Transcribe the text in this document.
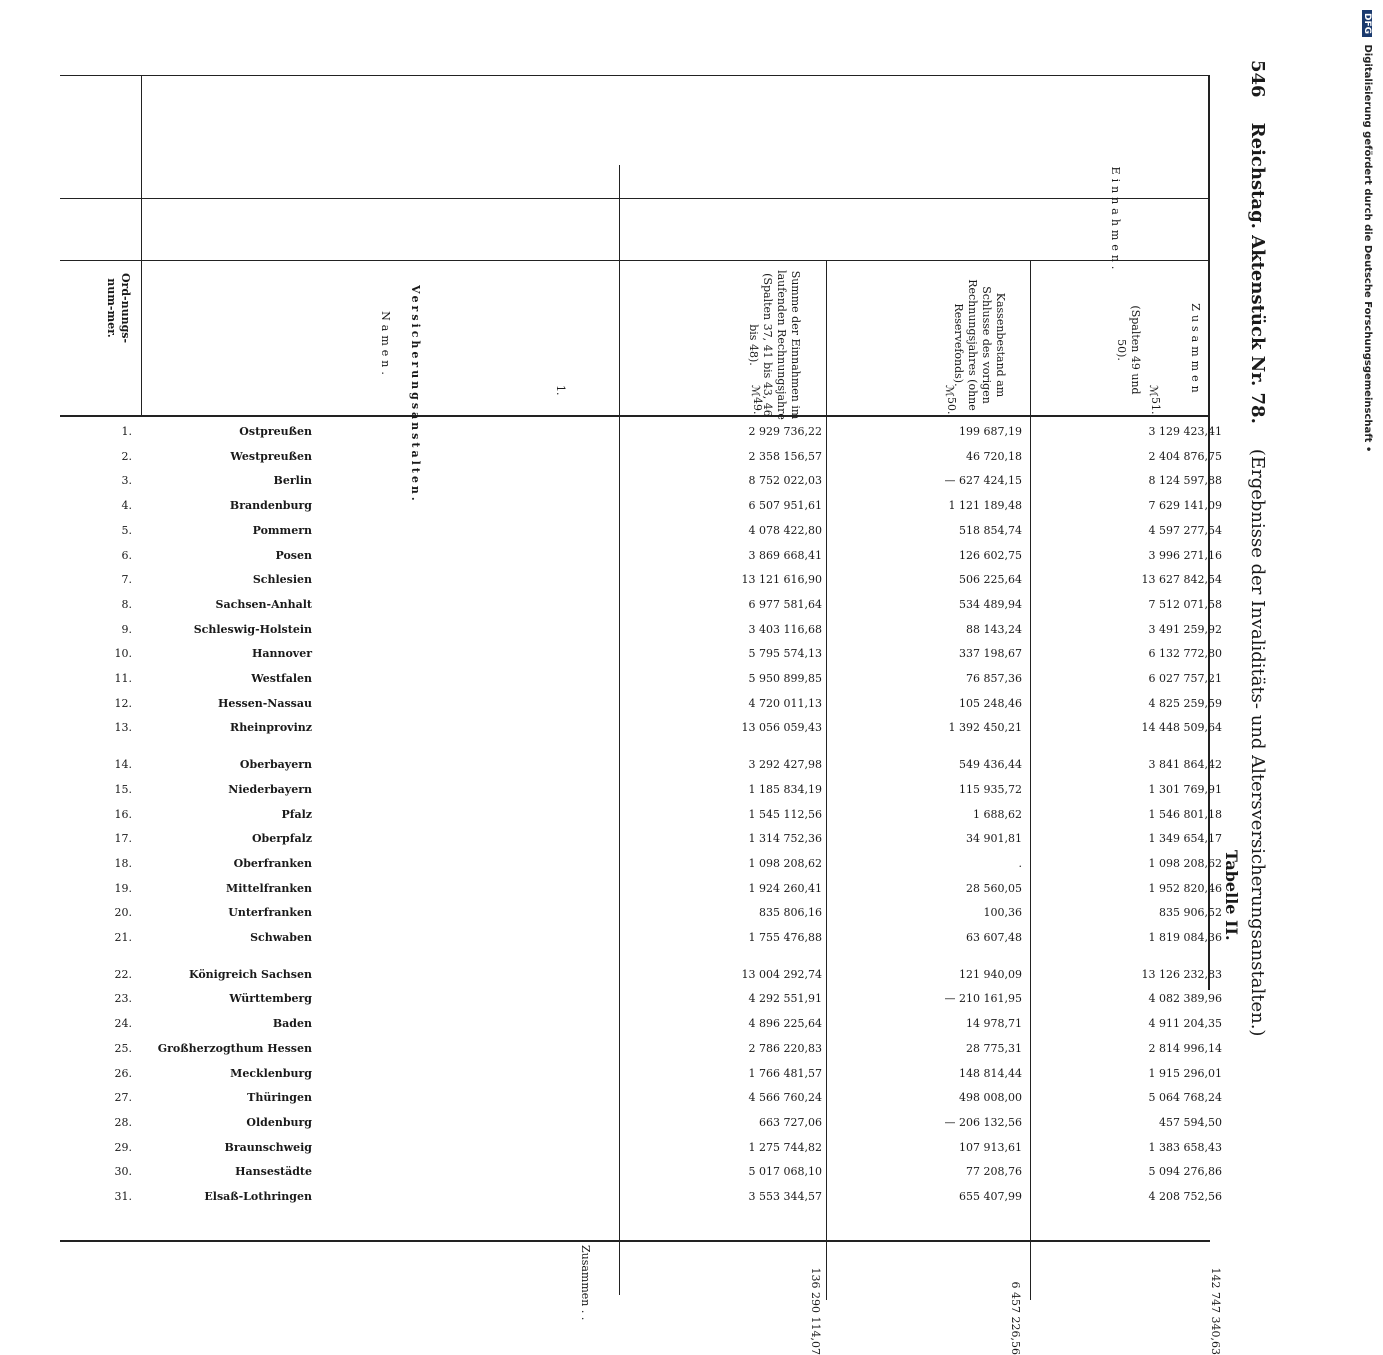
546    Reichstag. Aktenstück Nr. 78.    (Ergebnisse der Invaliditäts- und Altersversicherungsanstalten.)
Tabelle II.
Einnahmen.
Versicherungsanstalten.
Ord-nungs-num-mer.
Namen.	Summe der Einnahmen im laufenden Rechnungsjahre (Spalten 37, 41 bis 43, 46 bis 48).	Kassenbestand am Schlusse des vorigen Rechnungsjahres (ohne Reservefonds).	Zusammen
(Spalten 49 und 50).
1.	ℳ
49.
ℳ
50.
ℳ
51.
1.	Ostpreußen	2 929 736,22	199 687,19	3 129 423,41
2.	Westpreußen	2 358 156,57	46 720,18	2 404 876,75
3.	Berlin	8 752 022,03	— 627 424,15	8 124 597,88
4.	Brandenburg	6 507 951,61	1 121 189,48	7 629 141,09
5.	Pommern	4 078 422,80	518 854,74	4 597 277,54
6.	Posen	3 869 668,41	126 602,75	3 996 271,16
7.	Schlesien	13 121 616,90	506 225,64	13 627 842,54
8.	Sachsen-Anhalt	6 977 581,64	534 489,94	7 512 071,58
9.	Schleswig-Holstein	3 403 116,68	88 143,24	3 491 259,92
10.	Hannover	5 795 574,13	337 198,67	6 132 772,80
11.	Westfalen	5 950 899,85	76 857,36	6 027 757,21
12.	Hessen-Nassau	4 720 011,13	105 248,46	4 825 259,59
13.	Rheinprovinz	13 056 059,43	1 392 450,21	14 448 509,64
14.	Oberbayern	3 292 427,98	549 436,44	3 841 864,42
15.	Niederbayern	1 185 834,19	115 935,72	1 301 769,91
16.	Pfalz	1 545 112,56	1 688,62	1 546 801,18
17.	Oberpfalz	1 314 752,36	34 901,81	1 349 654,17
18.	Oberfranken	1 098 208,62	.	1 098 208,62
19.	Mittelfranken	1 924 260,41	28 560,05	1 952 820,46
20.	Unterfranken	835 806,16	100,36	835 906,52
21.	Schwaben	1 755 476,88	63 607,48	1 819 084,36
22.	Königreich Sachsen	13 004 292,74	121 940,09	13 126 232,83
23.	Württemberg	4 292 551,91	— 210 161,95	4 082 389,96
24.	Baden	4 896 225,64	14 978,71	4 911 204,35
25. Großherzogthum Hessen	2 786 220,83	28 775,31	2 814 996,14
26.	Mecklenburg	1 766 481,57	148 814,44	1 915 296,01
27.	Thüringen	4 566 760,24	498 008,00	5 064 768,24
28.	Oldenburg	663 727,06	— 206 132,56	457 594,50
29.	Braunschweig	1 275 744,82	107 913,61	1 383 658,43
30.	Hansestädte	5 017 068,10	77 208,76	5 094 276,86
31.	Elsaß-Lothringen	3 553 344,57	655 407,99	4 208 752,56
Zusammen . .	136 290 114,07	6 457 226,56	142 747 340,63
DFG Digitalisierung gefördert durch die Deutsche Forschungsgemeinschaft •
